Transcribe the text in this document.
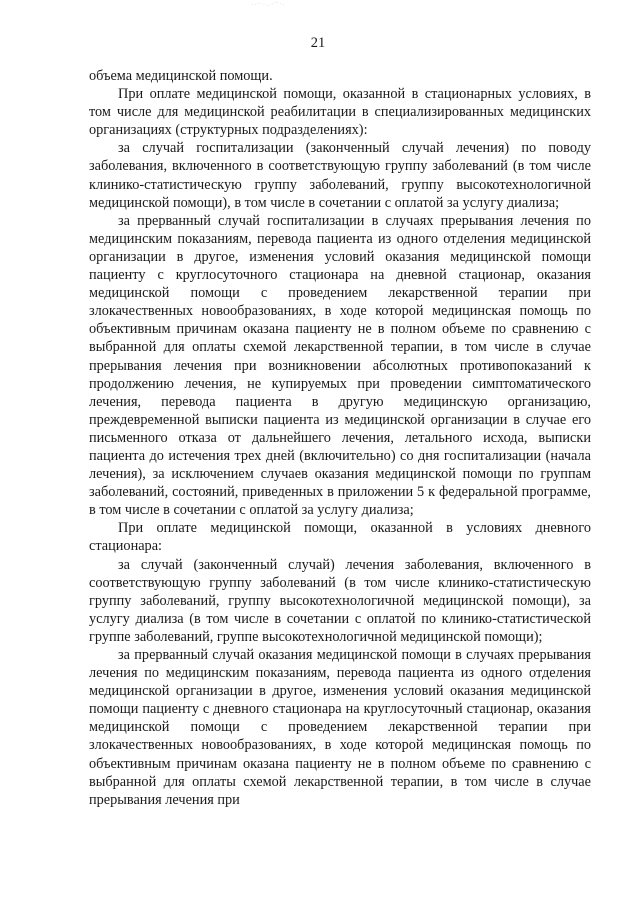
21

объема медицинской помощи.

При оплате медицинской помощи, оказанной в стационарных условиях, в том числе для медицинской реабилитации в специализированных медицинских организациях (структурных подразделениях):

за случай госпитализации (законченный случай лечения) по поводу заболевания, включенного в соответствующую группу заболеваний (в том числе клинико-статистическую группу заболеваний, группу высокотехнологичной медицинской помощи), в том числе в сочетании с оплатой за услугу диализа;

за прерванный случай госпитализации в случаях прерывания лечения по медицинским показаниям, перевода пациента из одного отделения медицинской организации в другое, изменения условий оказания медицинской помощи пациенту с круглосуточного стационара на дневной стационар, оказания медицинской помощи с проведением лекарственной терапии при злокачественных новообразованиях, в ходе которой медицинская помощь по объективным причинам оказана пациенту не в полном объеме по сравнению с выбранной для оплаты схемой лекарственной терапии, в том числе в случае прерывания лечения при возникновении абсолютных противопоказаний к продолжению лечения, не купируемых при проведении симптоматического лечения, перевода пациента в другую медицинскую организацию, преждевременной выписки пациента из медицинской организации в случае его письменного отказа от дальнейшего лечения, летального исхода, выписки пациента до истечения трех дней (включительно) со дня госпитализации (начала лечения), за исключением случаев оказания медицинской помощи по группам заболеваний, состояний, приведенных в приложении 5 к федеральной программе, в том числе в сочетании с оплатой за услугу диализа;

При оплате медицинской помощи, оказанной в условиях дневного стационара:

за случай (законченный случай) лечения заболевания, включенного в соответствующую группу заболеваний (в том числе клинико-статистическую группу заболеваний, группу высокотехнологичной медицинской помощи), за услугу диализа (в том числе в сочетании с оплатой по клинико-статистической группе заболеваний, группе высокотехнологичной медицинской помощи);

за прерванный случай оказания медицинской помощи в случаях прерывания лечения по медицинским показаниям, перевода пациента из одного отделения медицинской организации в другое, изменения условий оказания медицинской помощи пациенту с дневного стационара на круглосуточный стационар, оказания медицинской помощи с проведением лекарственной терапии при злокачественных новообразованиях, в ходе которой медицинская помощь по объективным причинам оказана пациенту не в полном объеме по сравнению с выбранной для оплаты схемой лекарственной терапии, в том числе в случае прерывания лечения при
